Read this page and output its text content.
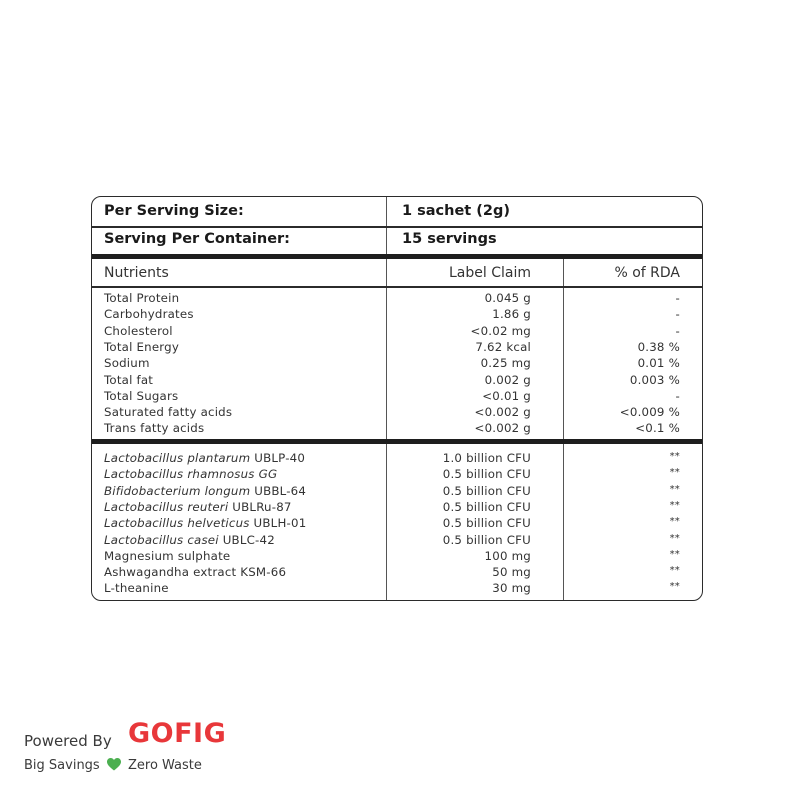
Per Serving Size:	1 sachet (2g)
Serving Per Container:	15 servings
Nutrients	Label Claim	% of RDA
Total Protein	0.045 g	-
Carbohydrates	1.86 g	-
Cholesterol	<0.02 mg	-
Total Energy	7.62 kcal	0.38 %
Sodium	0.25 mg	0.01 %
Total fat	0.002 g	0.003 %
Total Sugars	<0.01 g	-
Saturated fatty acids	<0.002 g	<0.009 %
Trans fatty acids	<0.002 g	<0.1 %
Lactobacillus plantarum UBLP-40	1.0 billion CFU	**
Lactobacillus rhamnosus GG	0.5 billion CFU	**
Bifidobacterium longum UBBL-64	0.5 billion CFU	**
Lactobacillus reuteri UBLRu-87	0.5 billion CFU	**
Lactobacillus helveticus UBLH-01	0.5 billion CFU	**
Lactobacillus casei UBLC-42	0.5 billion CFU	**
Magnesium sulphate	100 mg	**
Ashwagandha extract KSM-66	50 mg	**
L-theanine	30 mg	**
Powered By GOFIG
Big Savings Zero Waste
